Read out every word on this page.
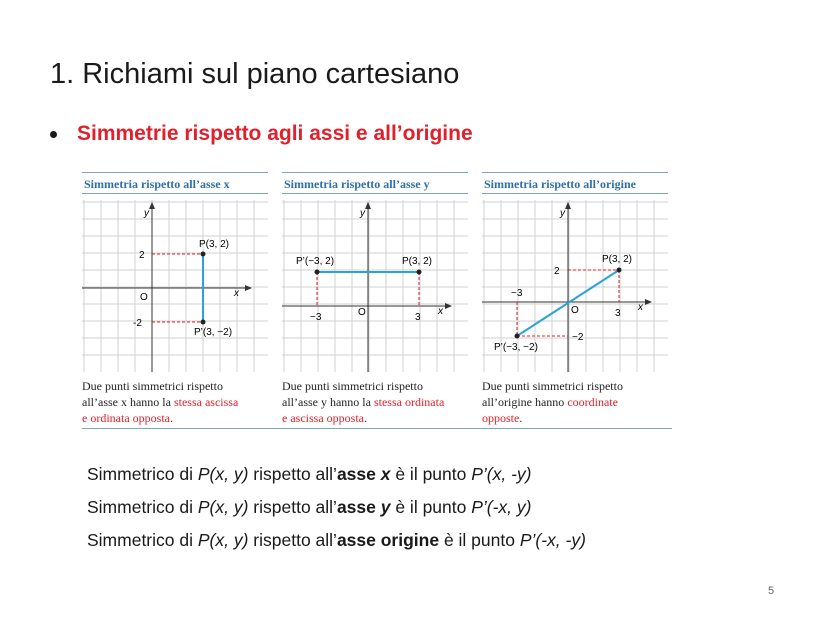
1. Richiami sul piano cartesiano
Simmetrie rispetto agli assi e all’origine
Simmetria rispetto all’asse x
y
x
O
2
-2
P(3, 2)
P’(3, −2)
Due punti simmetrici rispetto
all’asse x hanno la stessa ascissa
e ordinata opposta.
Simmetria rispetto all’asse y
y
x
O
−3	3
P(3, 2)
P’(−3, 2)
Due punti simmetrici rispetto
all’asse y hanno la stessa ordinata
e ascissa opposta.
Simmetria rispetto all’origine
y
x
O
−3
3
2
−2
P(3, 2)
P’(−3, −2)
Due punti simmetrici rispetto
all’origine hanno coordinate
opposte.
Simmetrico di P(x, y) rispetto all’asse x è il punto P’(x, -y)
Simmetrico di P(x, y) rispetto all’asse y è il punto P’(-x, y)
Simmetrico di P(x, y) rispetto all’asse origine è il punto P’(-x, -y)
5
